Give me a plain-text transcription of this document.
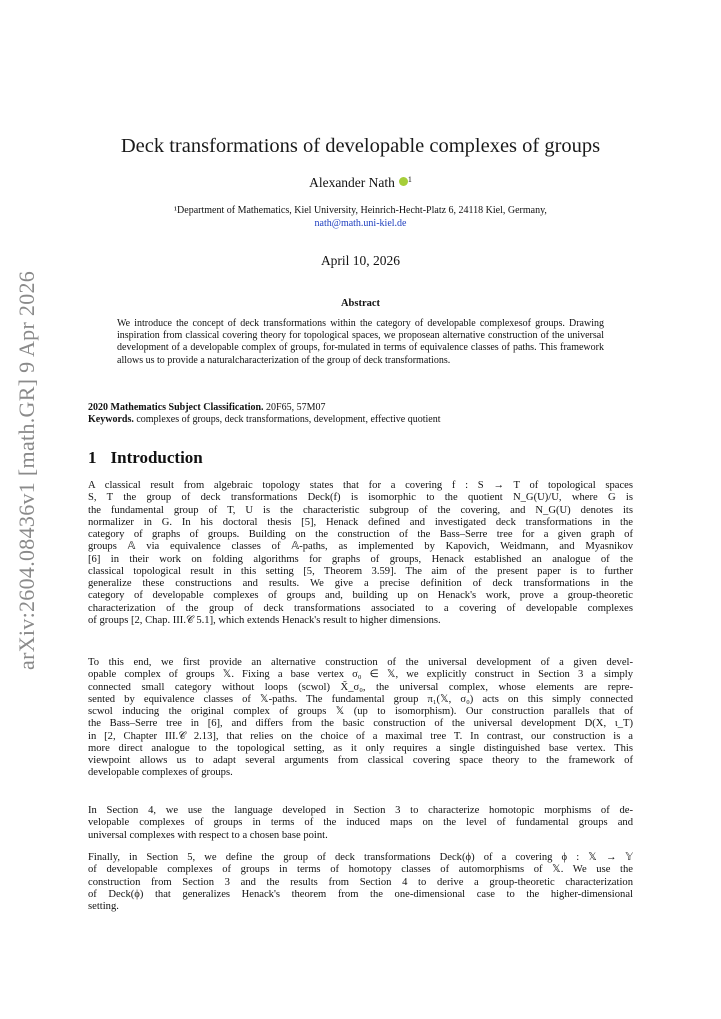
arXiv:2604.08436v1 [math.GR] 9 Apr 2026
Deck transformations of developable complexes of groups
Alexander Nath $^1$
¹Department of Mathematics, Kiel University, Heinrich-Hecht-Platz 6, 24118 Kiel, Germany,
nath@math.uni-kiel.de
April 10, 2026
Abstract
We introduce the concept of deck transformations within the category of developable complexesof groups. Drawing inspiration from classical covering theory for topological spaces, we proposean alternative construction of the universal development of a developable complex of groups, for-mulated in terms of equivalence classes of paths. This framework allows us to provide a naturalcharacterization of the group of deck transformations.
2020 Mathematics Subject Classification. 20F65, 57M07
Keywords. complexes of groups, deck transformations, development, effective quotient
1 Introduction
A classical result from algebraic topology states that for a covering f : S → T of topological spaces
S, T the group of deck transformations Deck(f) is isomorphic to the quotient N_G(U)/U, where G is
the fundamental group of T, U is the characteristic subgroup of the covering, and N_G(U) denotes its
normalizer in G. In his doctoral thesis [5], Henack defined and investigated deck transformations in the
category of graphs of groups. Building on the construction of the Bass–Serre tree for a given graph of
groups 𝔸 via equivalence classes of 𝔸-paths, as implemented by Kapovich, Weidmann, and Myasnikov
[6] in their work on folding algorithms for graphs of groups, Henack established an analogue of the
classical topological result in this setting [5, Theorem 3.59]. The aim of the present paper is to further
generalize these constructions and results. We give a precise definition of deck transformations in the
category of developable complexes of groups and, building up on Henack's work, prove a group-theoretic
characterization of the group of deck transformations associated to a covering of developable complexes
of groups [2, Chap. III.𝒞 5.1], which extends Henack's result to higher dimensions.
To this end, we first provide an alternative construction of the universal development of a given devel-
opable complex of groups 𝕏. Fixing a base vertex σ₀ ∈ 𝕏, we explicitly construct in Section 3 a simply
connected small category without loops (scwol) X̃_σ₀, the universal complex, whose elements are repre-
sented by equivalence classes of 𝕏-paths. The fundamental group π₁(𝕏, σ₀) acts on this simply connected
scwol inducing the original complex of groups 𝕏 (up to isomorphism). Our construction parallels that of
the Bass–Serre tree in [6], and differs from the basic construction of the universal development D(X, ι_T)
in [2, Chapter III.𝒞 2.13], that relies on the choice of a maximal tree T. In contrast, our construction is a
more direct analogue to the topological setting, as it only requires a single distinguished base vertex. This
viewpoint allows us to adapt several arguments from classical covering space theory to the framework of
developable complexes of groups.
In Section 4, we use the language developed in Section 3 to characterize homotopic morphisms of de-
velopable complexes of groups in terms of the induced maps on the level of fundamental groups and
universal complexes with respect to a chosen base point.
Finally, in Section 5, we define the group of deck transformations Deck(ϕ) of a covering ϕ : 𝕏 → 𝕐
of developable complexes of groups in terms of homotopy classes of automorphisms of 𝕏. We use the
construction from Section 3 and the results from Section 4 to derive a group-theoretic characterization
of Deck(ϕ) that generalizes Henack's theorem from the one-dimensional case to the higher-dimensional
setting.
